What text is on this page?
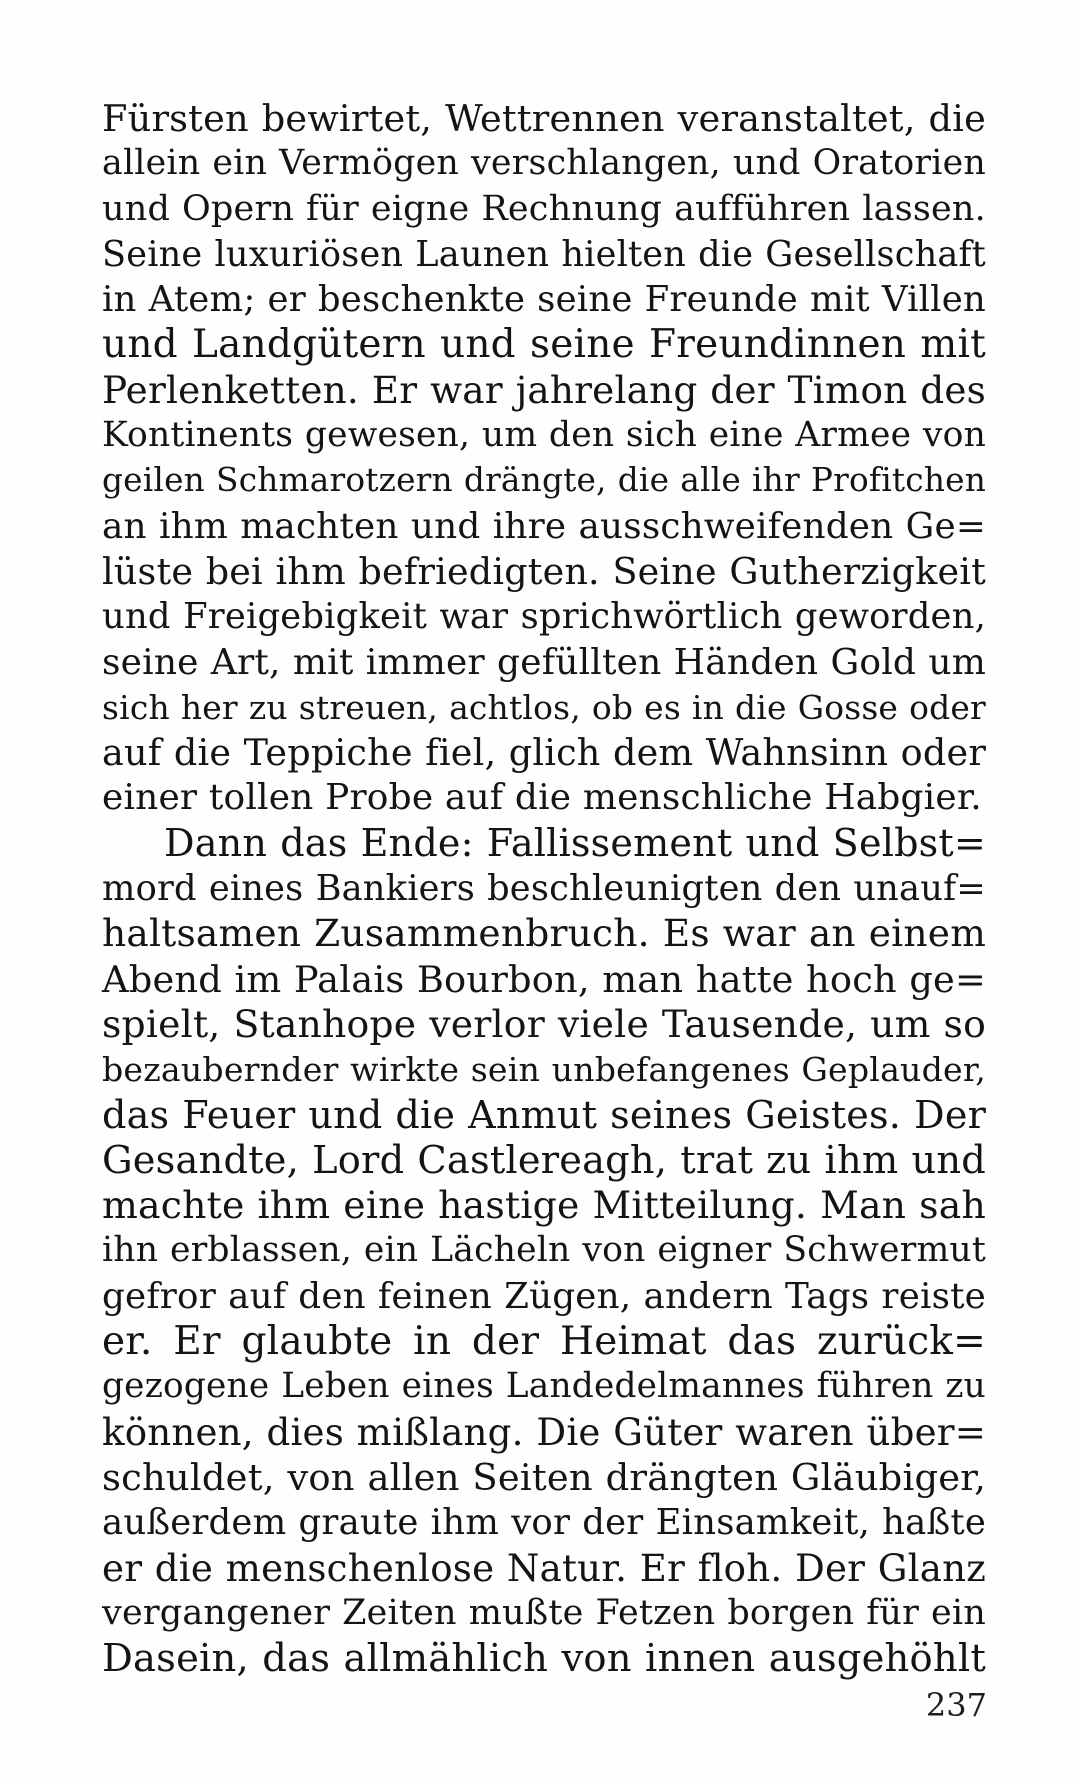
Fürsten bewirtet, Wettrennen veranstaltet, die
allein ein Vermögen verschlangen, und Oratorien
und Opern für eigne Rechnung aufführen lassen.
Seine luxuriösen Launen hielten die Gesellschaft
in Atem; er beschenkte seine Freunde mit Villen
und Landgütern und seine Freundinnen mit
Perlenketten. Er war jahrelang der Timon des
Kontinents gewesen, um den sich eine Armee von
geilen Schmarotzern drängte, die alle ihr Profitchen
an ihm machten und ihre ausschweifenden Ge=
lüste bei ihm befriedigten. Seine Gutherzigkeit
und Freigebigkeit war sprichwörtlich geworden,
seine Art, mit immer gefüllten Händen Gold um
sich her zu streuen, achtlos, ob es in die Gosse oder
auf die Teppiche fiel, glich dem Wahnsinn oder
einer tollen Probe auf die menschliche Habgier.
Dann das Ende: Fallissement und Selbst=
mord eines Bankiers beschleunigten den unauf=
haltsamen Zusammenbruch. Es war an einem
Abend im Palais Bourbon, man hatte hoch ge=
spielt, Stanhope verlor viele Tausende, um so
bezaubernder wirkte sein unbefangenes Geplauder,
das Feuer und die Anmut seines Geistes. Der
Gesandte, Lord Castlereagh, trat zu ihm und
machte ihm eine hastige Mitteilung. Man sah
ihn erblassen, ein Lächeln von eigner Schwermut
gefror auf den feinen Zügen, andern Tags reiste
er. Er glaubte in der Heimat das zurück=
gezogene Leben eines Landedelmannes führen zu
können, dies mißlang. Die Güter waren über=
schuldet, von allen Seiten drängten Gläubiger,
außerdem graute ihm vor der Einsamkeit, haßte
er die menschenlose Natur. Er floh. Der Glanz
vergangener Zeiten mußte Fetzen borgen für ein
Dasein, das allmählich von innen ausgehöhlt
237
